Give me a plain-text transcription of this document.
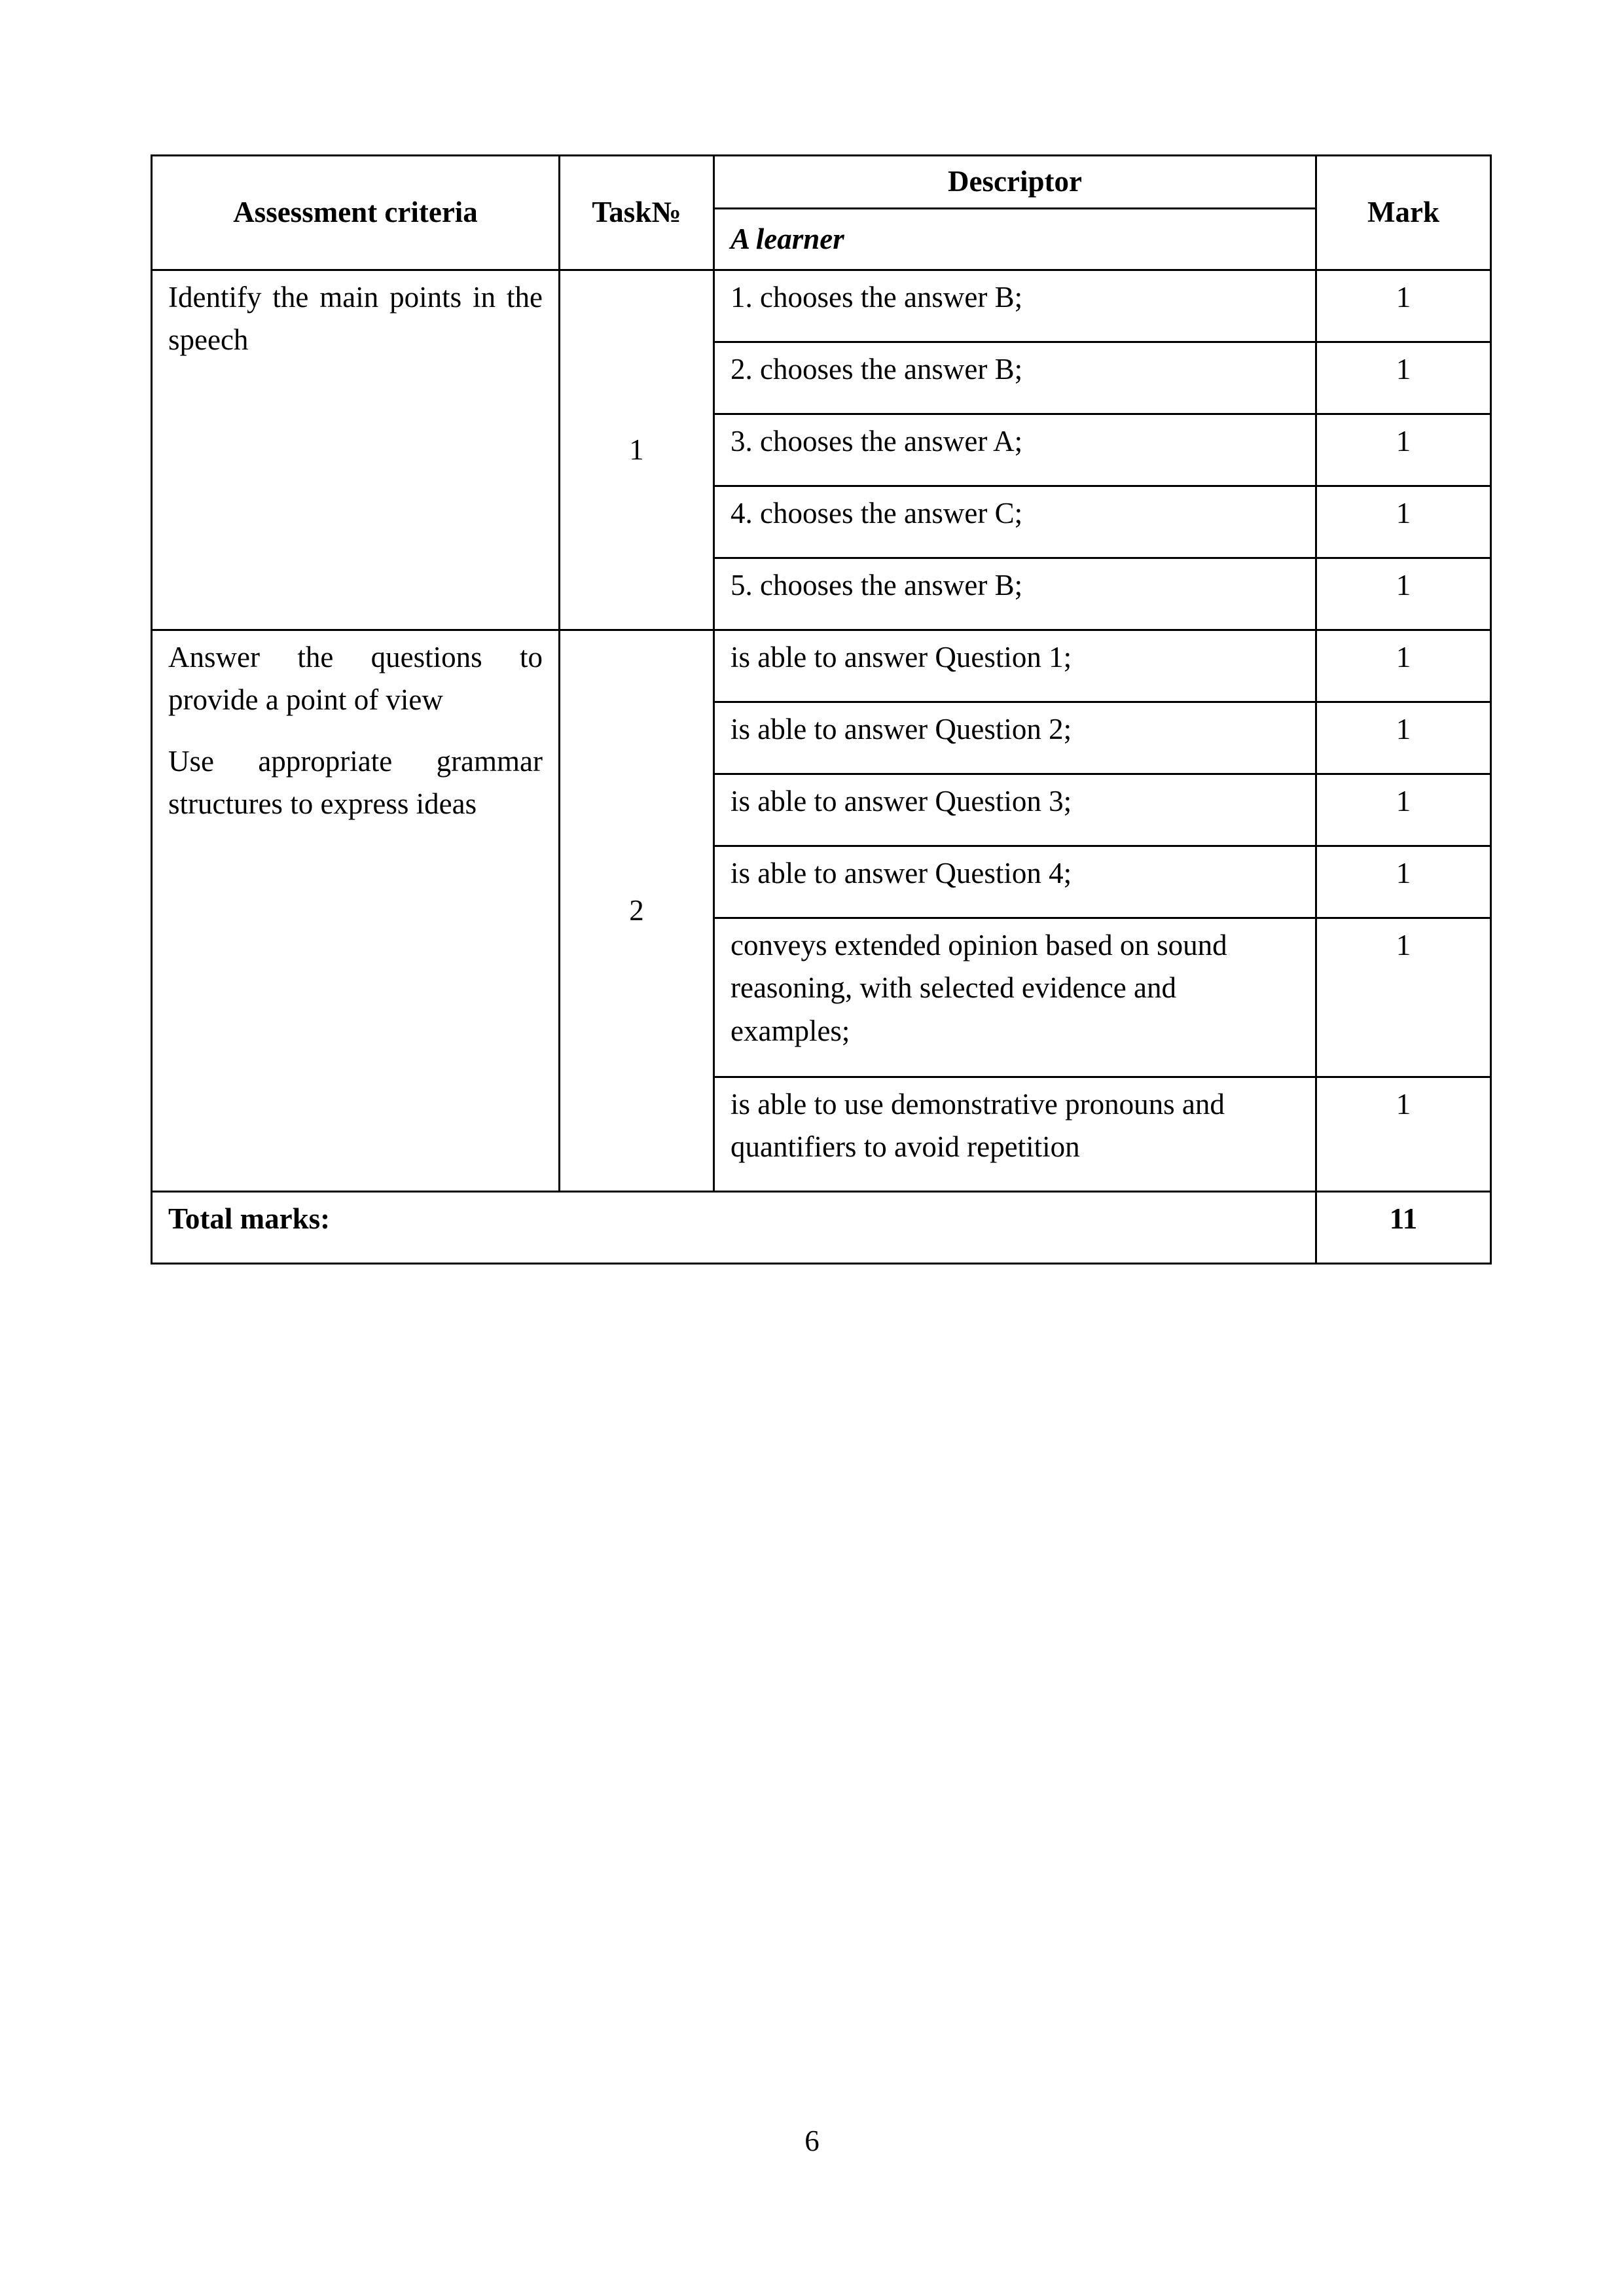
Assessment criteria	Task№	Descriptor	Mark
		A learner	

Identify the main points in the speech	1	1. chooses the answer B;	1
		2. chooses the answer B;	1
		3. chooses the answer A;	1
		4. chooses the answer C;	1
		5. chooses the answer B;	1

Answer the questions to provide a point of view

Use appropriate grammar structures to express ideas	2	is able to answer Question 1;	1
		is able to answer Question 2;	1
		is able to answer Question 3;	1
		is able to answer Question 4;	1
		conveys extended opinion based on sound reasoning, with selected evidence and examples;	1
		is able to use demonstrative pronouns and quantifiers to avoid repetition	1
Total marks:			11
6
